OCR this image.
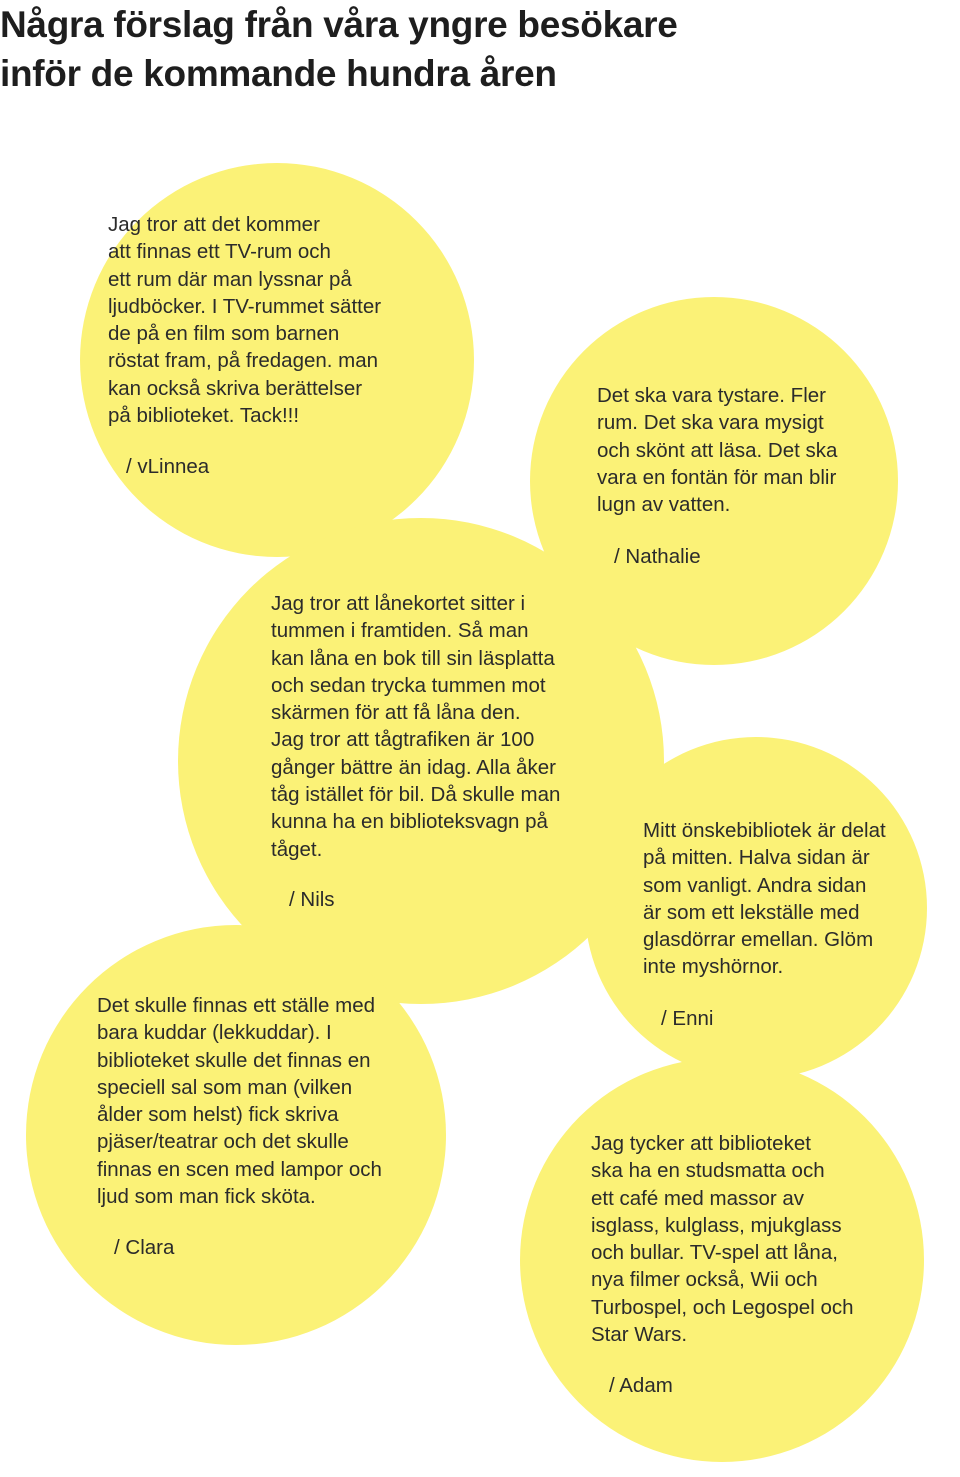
Några förslag från våra yngre besökare
inför de kommande hundra åren

Jag tror att det kommer
att finnas ett TV-rum och
ett rum där man lyssnar på
ljudböcker. I TV-rummet sätter
de på en film som barnen
röstat fram, på fredagen. man
kan också skriva berättelser
på biblioteket. Tack!!!

/ vLinnea

Det ska vara tystare. Fler
rum. Det ska vara mysigt
och skönt att läsa. Det ska
vara en fontän för man blir
lugn av vatten.

/ Nathalie

Jag tror att lånekortet sitter i
tummen i framtiden. Så man
kan låna en bok till sin läsplatta
och sedan trycka tummen mot
skärmen för att få låna den.
Jag tror att tågtrafiken är 100
gånger bättre än idag. Alla åker
tåg istället för bil. Då skulle man
kunna ha en biblioteksvagn på
tåget.

/ Nils

Mitt önskebibliotek är delat
på mitten. Halva sidan är
som vanligt. Andra sidan
är som ett lekställe med
glasdörrar emellan. Glöm
inte myshörnor.

/ Enni

Det skulle finnas ett ställe med
bara kuddar (lekkuddar). I
biblioteket skulle det finnas en
speciell sal som man (vilken
ålder som helst) fick skriva
pjäser/teatrar och det skulle
finnas en scen med lampor och
ljud som man fick sköta.

/ Clara

Jag tycker att biblioteket
ska ha en studsmatta och
ett café med massor av
isglass, kulglass, mjukglass
och bullar. TV-spel att låna,
nya filmer också, Wii och
Turbospel, och Legospel och
Star Wars.

/ Adam
